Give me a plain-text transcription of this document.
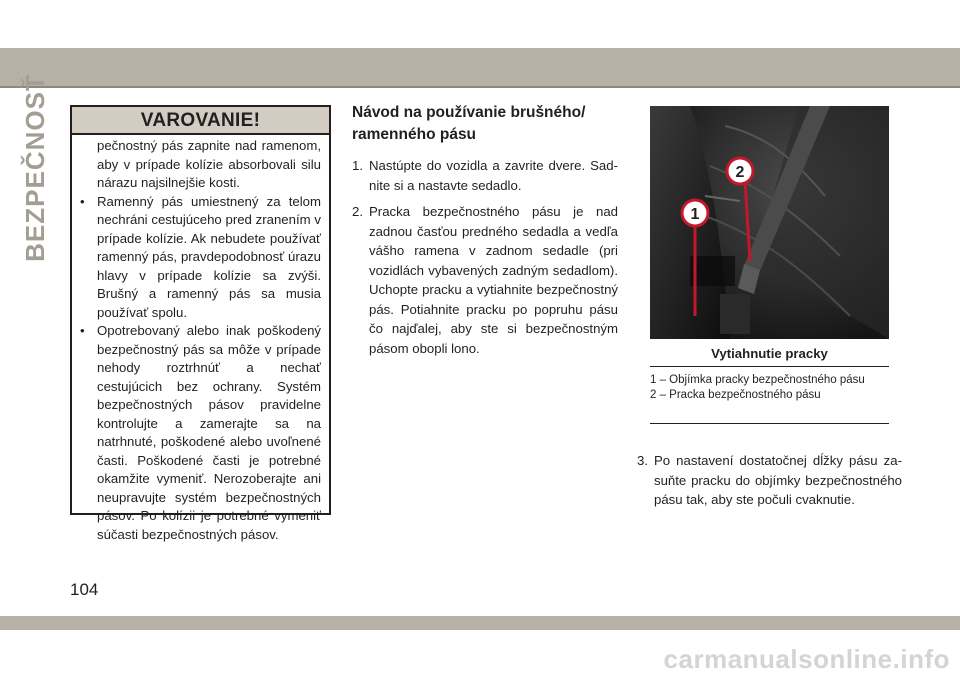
BEZPEČNOSŤ	VAROVANIE!

pečnostný pás zapnite nad ramenom, aby v prípade kolízie absorbovali silu nárazu najsilnejšie kosti.

• Ramenný pás umiestnený za telom nechráni cestujúceho pred zranením v prípade kolízie. Ak nebudete používať ramenný pás, pravdepodobnosť úrazu hlavy v prípade kolízie sa zvýši. Brušný a ramenný pás sa musia používať spolu.
• Opotrebovaný alebo inak poškodený bezpečnostný pás sa môže v prípade nehody roztrhnúť a nechať cestujúcich bez ochrany. Systém bezpečnostných pásov pravidelne kontrolujte a zamerajte sa na natrhnuté, poškodené alebo uvoľnené časti. Poškodené časti je potrebné okamžite vymeniť. Nerozoberajte ani neupravujte systém bezpečnostných pásov. Po kolízii je potrebné vymeniť súčasti bezpečnostných pásov.
Návod na používanie brušného/ ramenného pásu
1. Nastúpte do vozidla a zavrite dvere. Sadnite si a nastavte sedadlo.
2. Pracka bezpečnostného pásu je nad zadnou časťou predného sedadla a vedľa vášho ramena v zadnom sedadle (pri vozidlách vybavených zadným sedadlom). Uchopte pracku a vytiahnite bezpečnostný pás. Potiahnite pracku po popruhu pásu čo najďalej, aby ste si bezpečnostným pásom obopli lono.
1
2
Vytiahnutie pracky
1 – Objímka pracky bezpečnostného pásu
2 – Pracka bezpečnostného pásu
3. Po nastavení dostatočnej dĺžky pásu zasuňte pracku do objímky bezpečnostného pásu tak, aby ste počuli cvaknutie.
104
carmanualsonline.info
